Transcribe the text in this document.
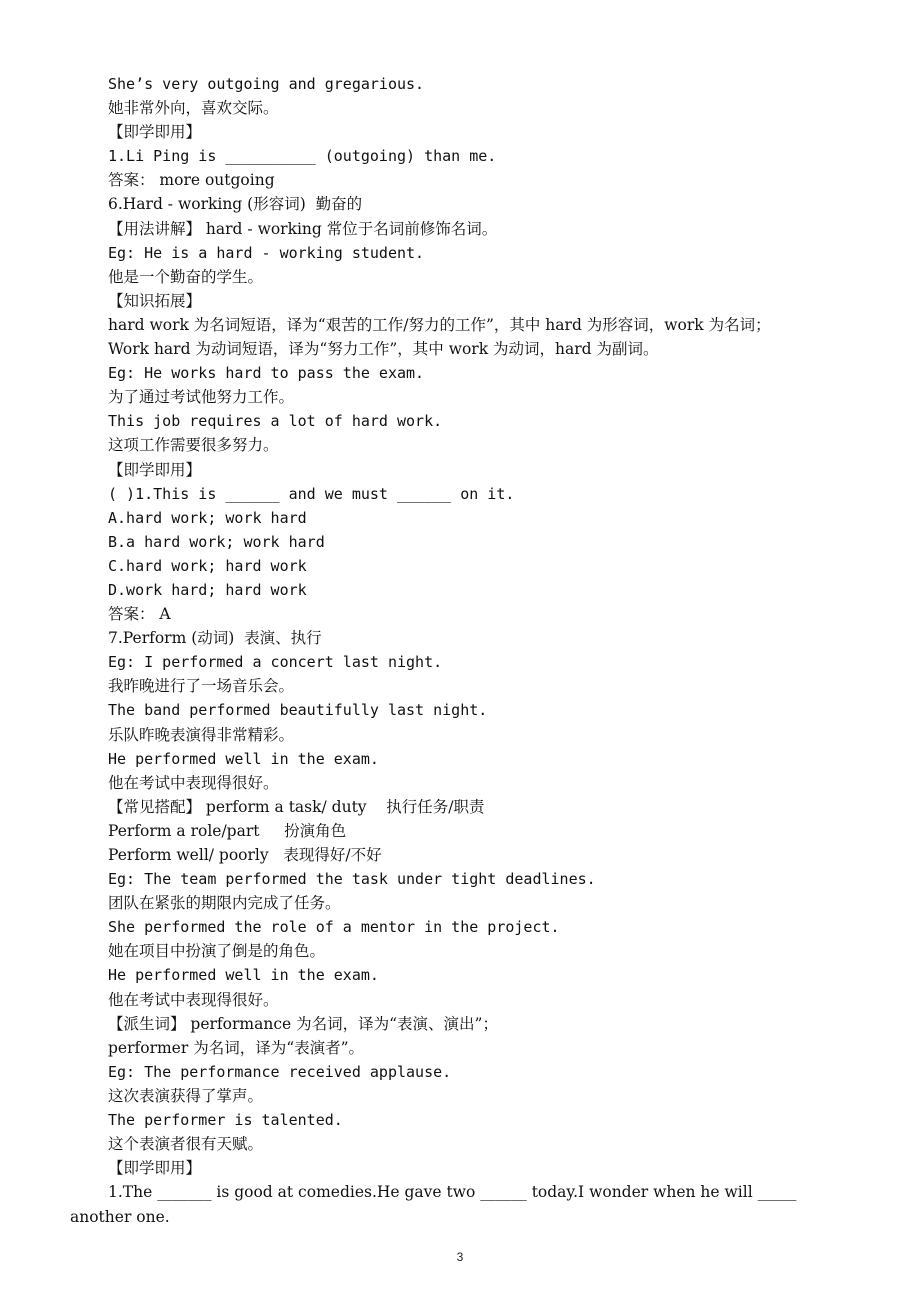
She’s very outgoing and gregarious.
她非常外向，喜欢交际。
【即学即用】
1.Li Ping is __________ (outgoing) than me.
答案： more outgoing
6.Hard - working (形容词)  勤奋的
【用法讲解】 hard - working 常位于名词前修饰名词。
Eg: He is a hard - working student.
他是一个勤奋的学生。
【知识拓展】
hard work 为名词短语，译为“艰苦的工作/努力的工作”，其中 hard 为形容词，work 为名词；
Work hard 为动词短语，译为“努力工作”，其中 work 为动词，hard 为副词。
Eg: He works hard to pass the exam.
为了通过考试他努力工作。
This job requires a lot of hard work.
这项工作需要很多努力。
【即学即用】
( )1.This is ______ and we must ______ on it.
A.hard work; work hard
B.a hard work; work hard
C.hard work; hard work
D.work hard; hard work
答案： A
7.Perform (动词)  表演、执行
Eg: I performed a concert last night.
我昨晚进行了一场音乐会。
The band performed beautifully last night.
乐队昨晚表演得非常精彩。
He performed well in the exam.
他在考试中表现得很好。
【常见搭配】 perform a task/ duty    执行任务/职责
Perform a role/part     扮演角色
Perform well/ poorly   表现得好/不好
Eg: The team performed the task under tight deadlines.
团队在紧张的期限内完成了任务。
She performed the role of a mentor in the project.
她在项目中扮演了倒是的角色。
He performed well in the exam.
他在考试中表现得很好。
【派生词】 performance 为名词，译为“表演、演出”；
performer 为名词，译为“表演者”。
Eg: The performance received applause.
这次表演获得了掌声。
The performer is talented.
这个表演者很有天赋。
【即学即用】
1.The _______ is good at comedies.He gave two ______ today.I wonder when he will _____
another one.
3
